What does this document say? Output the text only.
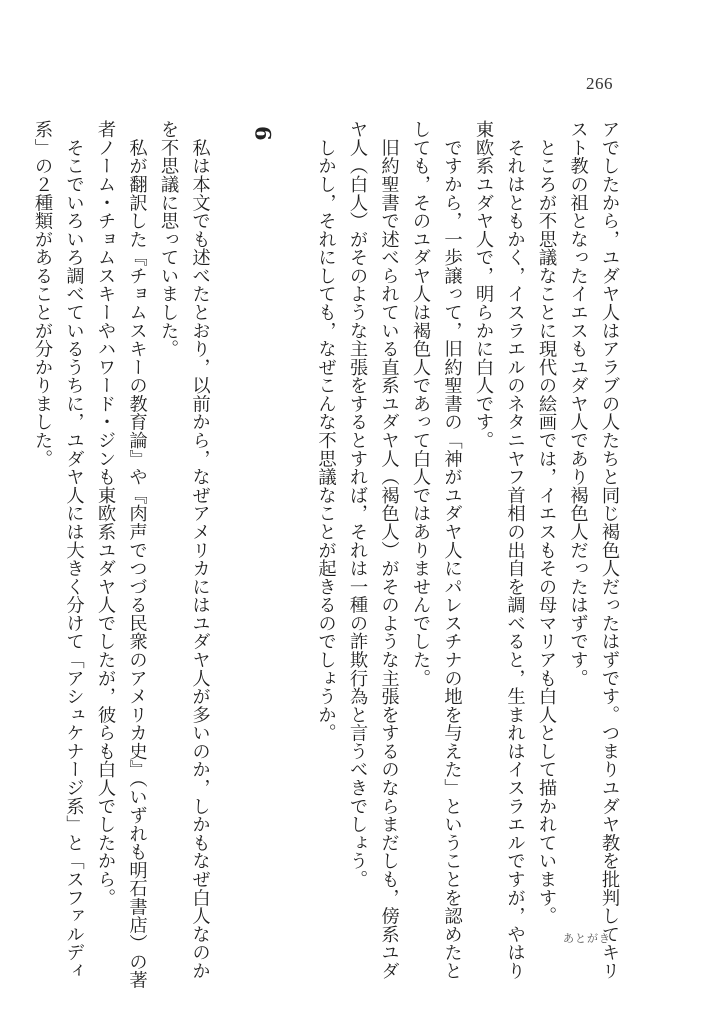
266
アでしたから，ユダヤ人はアラブの人たちと同じ褐色人だったはずです。つまりユダヤ教を批判してキリ
スト教の祖となったイエスもユダヤ人であり褐色人だったはずです。
　ところが不思議なことに現代の絵画では，イエスもその母マリアも白人として描かれています。
　それはともかく，イスラエルのネタニヤフ首相の出自を調べると，生まれはイスラエルですが，やはり
東欧系ユダヤ人で，明らかに白人です。
　ですから，一歩譲って，旧約聖書の「神がユダヤ人にパレスチナの地を与えた」ということを認めたと
しても，そのユダヤ人は褐色人であって白人ではありませんでした。
　旧約聖書で述べられている直系ユダヤ人（褐色人）がそのような主張をするのならまだしも，傍系ユダ
ヤ人（白人）がそのような主張をするとすれば，それは一種の詐欺行為と言うべきでしょう。
　しかし，それにしても，なぜこんな不思議なことが起きるのでしょうか。
6
　私は本文でも述べたとおり，以前から，なぜアメリカにはユダヤ人が多いのか，しかもなぜ白人なのか
を不思議に思っていました。
　私が翻訳した『チョムスキーの教育論』や『肉声でつづる民衆のアメリカ史』（いずれも明石書店）の著
者ノーム・チョムスキーやハワード・ジンも東欧系ユダヤ人でしたが，彼らも白人でしたから。
　そこでいろいろ調べているうちに，ユダヤ人には大きく分けて「アシュケナージ系」と「スファルディ
系」の２種類があることが分かりました。
あとがき
